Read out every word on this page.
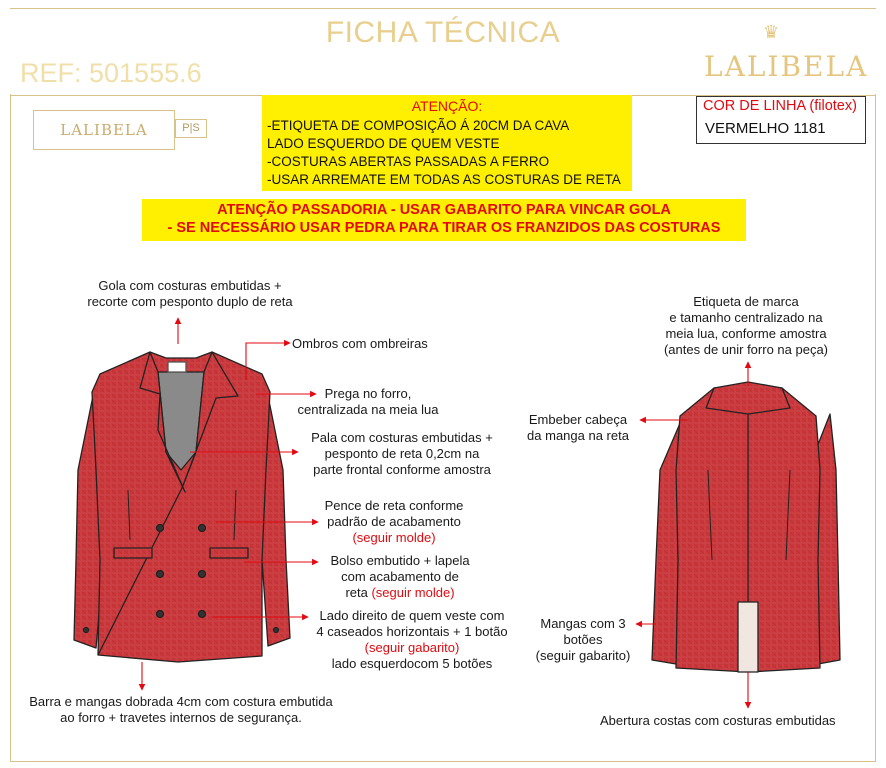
FICHA TÉCNICA
REF: 501555.6
♛
LALIBELA
LALIBELA	P|S
ATENÇÃO:
-ETIQUETA DE COMPOSIÇÃO Á 20CM DA CAVA
LADO ESQUERDO DE QUEM VESTE
-COSTURAS ABERTAS PASSADAS A FERRO
-USAR ARREMATE EM TODAS AS COSTURAS DE RETA
COR DE LINHA (filotex)
VERMELHO 1181
ATENÇÃO PASSADORIA - USAR GABARITO PARA VINCAR GOLA
- SE NECESSÁRIO USAR PEDRA PARA TIRAR OS FRANZIDOS DAS COSTURAS
Gola com costuras embutidas +
recorte com pesponto duplo de reta
Ombros com ombreiras
Prega no forro,
centralizada na meia lua
Pala com costuras embutidas +
pesponto de reta 0,2cm na
parte frontal conforme amostra
Pence de reta conforme
padrão de acabamento
(seguir molde)
Bolso embutido + lapela
com acabamento de
reta (seguir molde)
Lado direito de quem veste com
4 caseados horizontais + 1 botão
(seguir gabarito)
lado esquerdocom 5 botões
Barra e mangas dobrada 4cm com costura embutida
ao forro + travetes internos de segurança.
Etiqueta de marca
e tamanho centralizado na
meia lua, conforme amostra
(antes de unir forro na peça)
Embeber cabeça
da manga na reta
Mangas com 3
botões
(seguir gabarito)
Abertura costas com costuras embutidas
